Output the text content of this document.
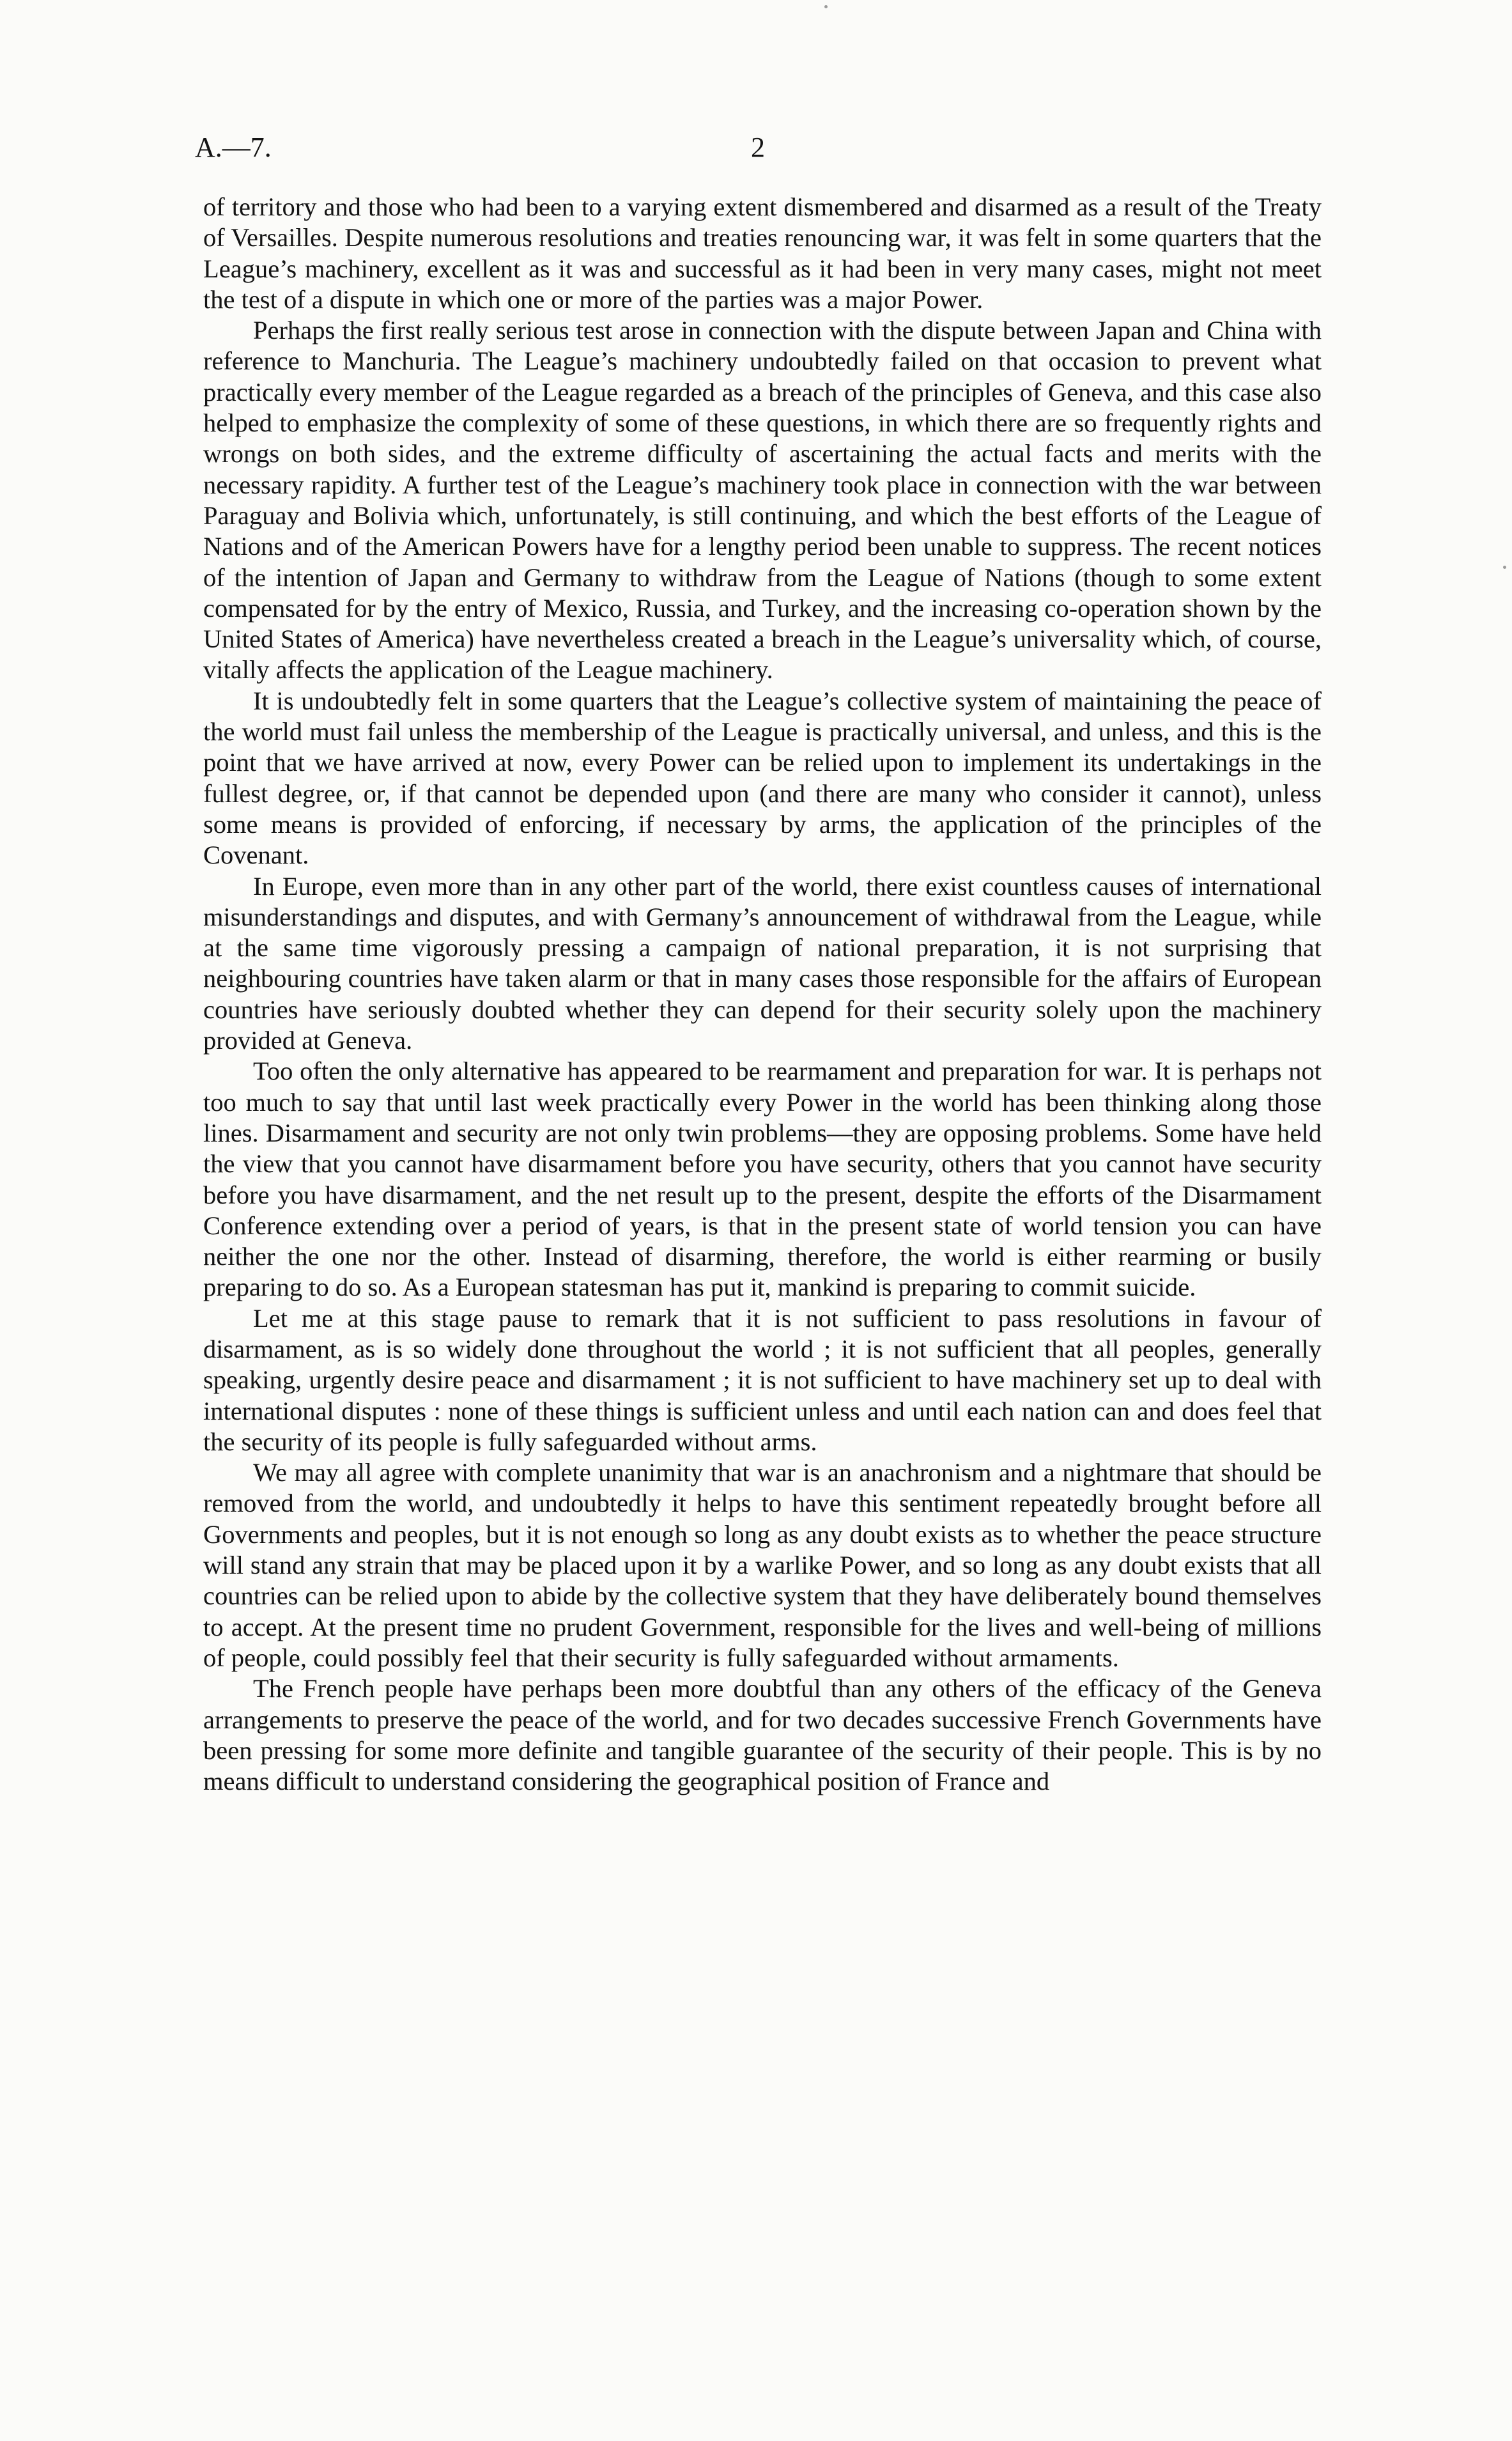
A.—7.	2

of territory and those who had been to a varying extent dismembered and disarmed as a result of the Treaty of Versailles. Despite numerous resolutions and treaties renouncing war, it was felt in some quarters that the League’s machinery, excellent as it was and successful as it had been in very many cases, might not meet the test of a dispute in which one or more of the parties was a major Power.

Perhaps the first really serious test arose in connection with the dispute between Japan and China with reference to Manchuria. The League’s machinery undoubtedly failed on that occasion to prevent what practically every member of the League regarded as a breach of the principles of Geneva, and this case also helped to emphasize the complexity of some of these questions, in which there are so frequently rights and wrongs on both sides, and the extreme difficulty of ascertaining the actual facts and merits with the necessary rapidity. A further test of the League’s machinery took place in connection with the war between Paraguay and Bolivia which, unfortunately, is still continuing, and which the best efforts of the League of Nations and of the American Powers have for a lengthy period been unable to suppress. The recent notices of the intention of Japan and Germany to withdraw from the League of Nations (though to some extent compensated for by the entry of Mexico, Russia, and Turkey, and the increasing co-operation shown by the United States of America) have nevertheless created a breach in the League’s universality which, of course, vitally affects the application of the League machinery.

It is undoubtedly felt in some quarters that the League’s collective system of maintaining the peace of the world must fail unless the membership of the League is practically universal, and unless, and this is the point that we have arrived at now, every Power can be relied upon to implement its undertakings in the fullest degree, or, if that cannot be depended upon (and there are many who consider it cannot), unless some means is provided of enforcing, if necessary by arms, the application of the principles of the Covenant.

In Europe, even more than in any other part of the world, there exist countless causes of international misunderstandings and disputes, and with Germany’s announcement of withdrawal from the League, while at the same time vigorously pressing a campaign of national preparation, it is not surprising that neighbouring countries have taken alarm or that in many cases those responsible for the affairs of European countries have seriously doubted whether they can depend for their security solely upon the machinery provided at Geneva.

Too often the only alternative has appeared to be rearmament and preparation for war. It is perhaps not too much to say that until last week practically every Power in the world has been thinking along those lines. Disarmament and security are not only twin problems—they are opposing problems. Some have held the view that you cannot have disarmament before you have security, others that you cannot have security before you have disarmament, and the net result up to the present, despite the efforts of the Disarmament Conference extending over a period of years, is that in the present state of world tension you can have neither the one nor the other. Instead of disarming, therefore, the world is either rearming or busily preparing to do so. As a European statesman has put it, mankind is preparing to commit suicide.

Let me at this stage pause to remark that it is not sufficient to pass resolutions in favour of disarmament, as is so widely done throughout the world ; it is not sufficient that all peoples, generally speaking, urgently desire peace and disarmament ; it is not sufficient to have machinery set up to deal with international disputes : none of these things is sufficient unless and until each nation can and does feel that the security of its people is fully safeguarded without arms.

We may all agree with complete unanimity that war is an anachronism and a nightmare that should be removed from the world, and undoubtedly it helps to have this sentiment repeatedly brought before all Governments and peoples, but it is not enough so long as any doubt exists as to whether the peace structure will stand any strain that may be placed upon it by a warlike Power, and so long as any doubt exists that all countries can be relied upon to abide by the collective system that they have deliberately bound themselves to accept. At the present time no prudent Government, responsible for the lives and well-being of millions of people, could possibly feel that their security is fully safeguarded without armaments.

The French people have perhaps been more doubtful than any others of the efficacy of the Geneva arrangements to preserve the peace of the world, and for two decades successive French Governments have been pressing for some more definite and tangible guarantee of the security of their people. This is by no means difficult to understand considering the geographical position of France and
